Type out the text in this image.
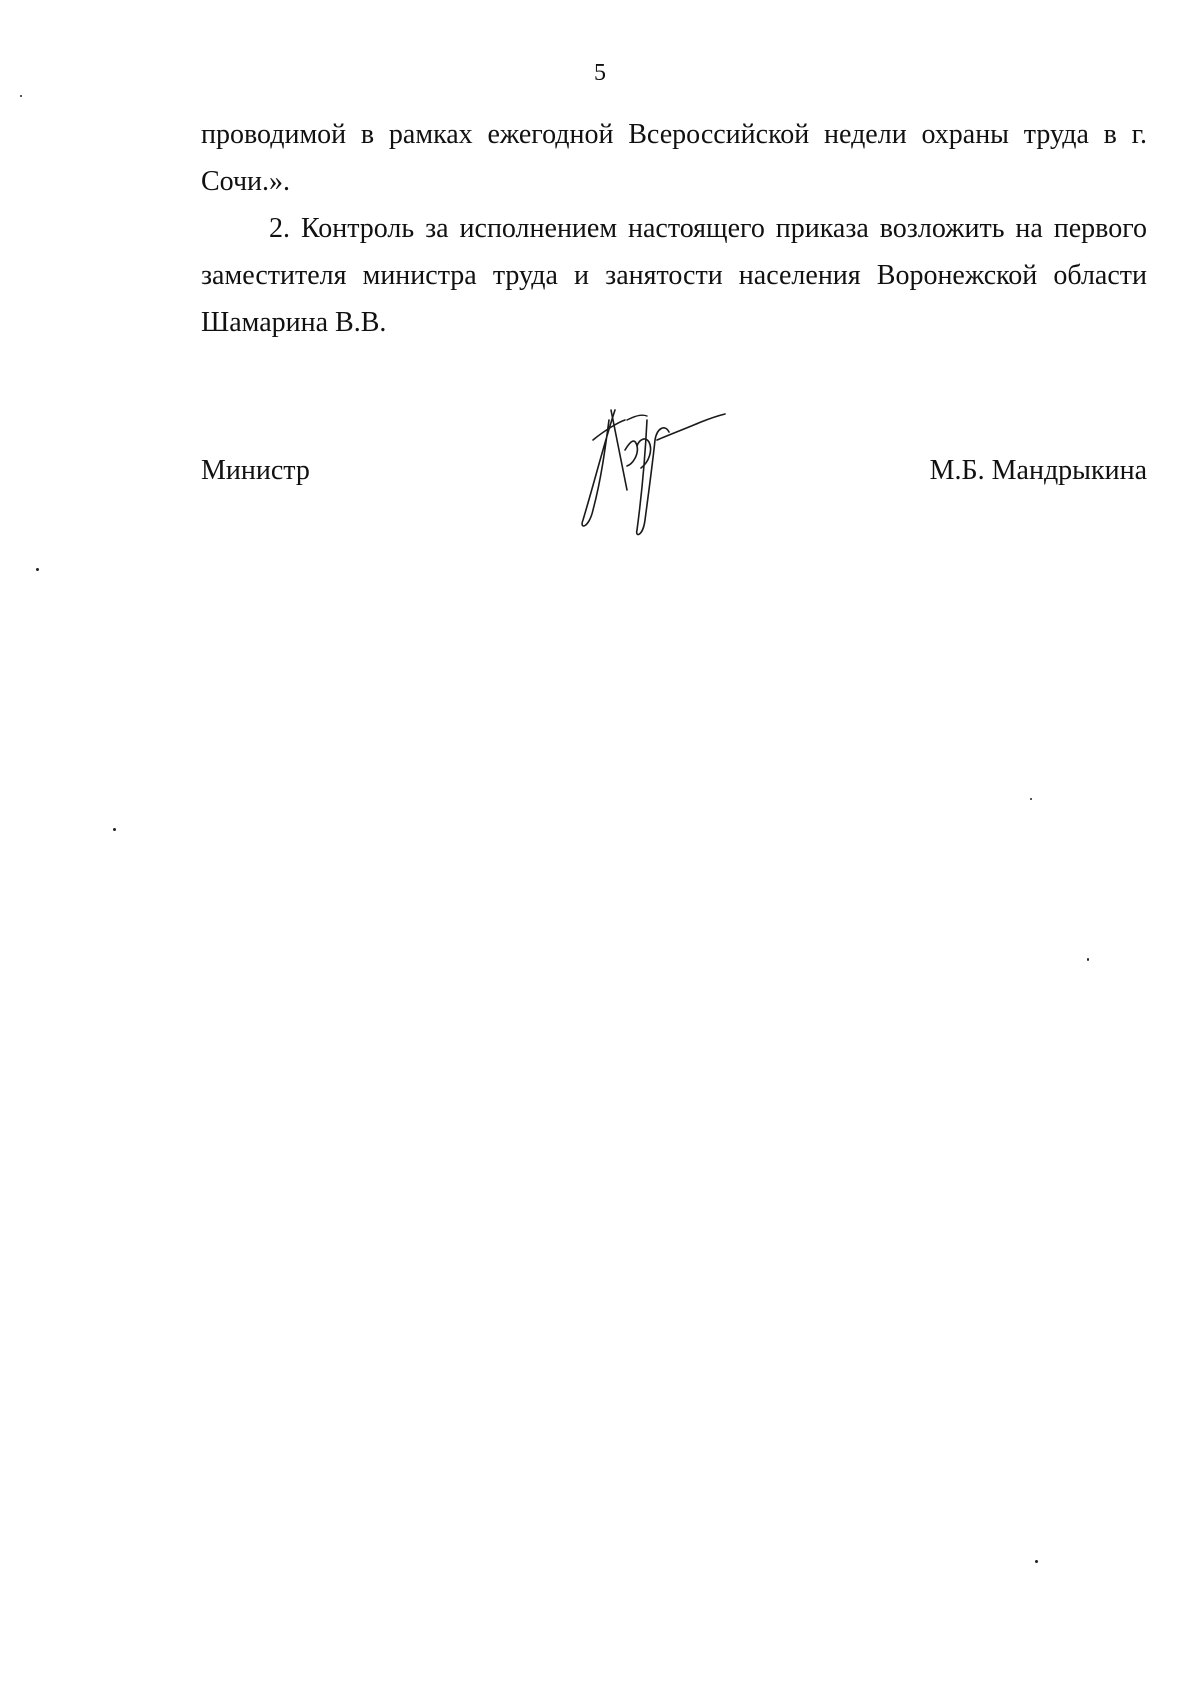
5

проводимой в рамках ежегодной Всероссийской недели охраны труда в г. Сочи.».

2. Контроль за исполнением настоящего приказа возложить на первого заместителя министра труда и занятости населения Воронежской области Шамарина В.В.

Министр	М.Б. Мандрыкина
